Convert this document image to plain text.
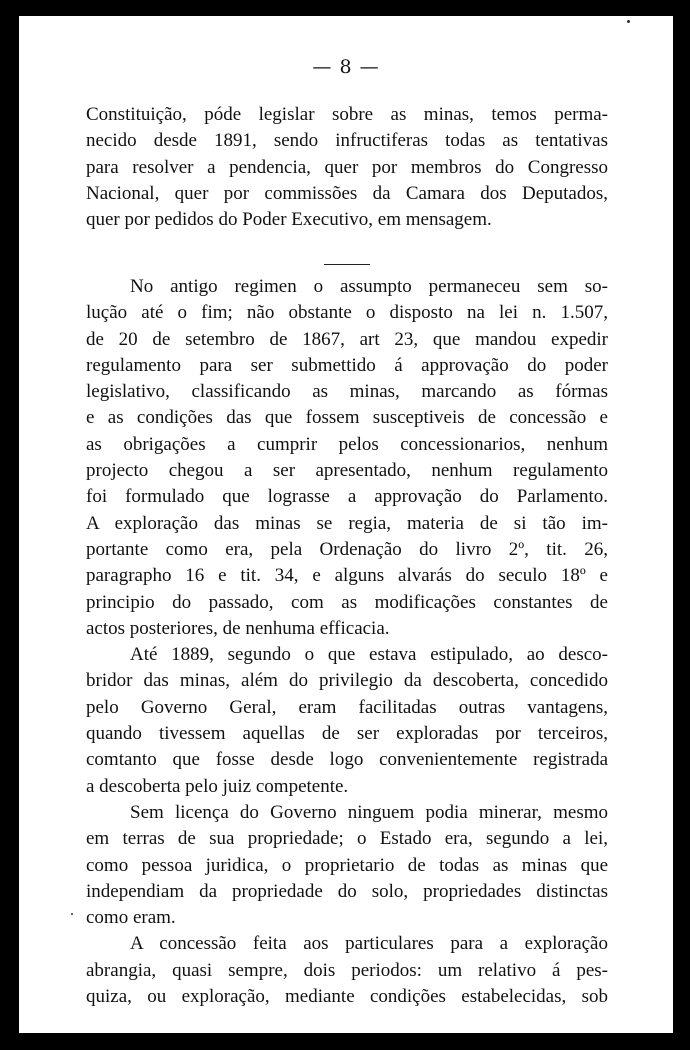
— 8 —
Constituição, póde legislar sobre as minas, temos perma-
necido desde 1891, sendo infructiferas todas as tentativas
para resolver a pendencia, quer por membros do Congresso
Nacional, quer por commissões da Camara dos Deputados,
quer por pedidos do Poder Executivo, em mensagem.
No antigo regimen o assumpto permaneceu sem so-
lução até o fim; não obstante o disposto na lei n. 1.507,
de 20 de setembro de 1867, art 23, que mandou expedir
regulamento para ser submettido á approvação do poder
legislativo, classificando as minas, marcando as fórmas
e as condições das que fossem susceptiveis de concessão e
as obrigações a cumprir pelos concessionarios, nenhum
projecto chegou a ser apresentado, nenhum regulamento
foi formulado que lograsse a approvação do Parlamento.
A exploração das minas se regia, materia de si tão im-
portante como era, pela Ordenação do livro 2º, tit. 26,
paragrapho 16 e tit. 34, e alguns alvarás do seculo 18º e
principio do passado, com as modificações constantes de
actos posteriores, de nenhuma efficacia.
Até 1889, segundo o que estava estipulado, ao desco-
bridor das minas, além do privilegio da descoberta, concedido
pelo Governo Geral, eram facilitadas outras vantagens,
quando tivessem aquellas de ser exploradas por terceiros,
comtanto que fosse desde logo convenientemente registrada
a descoberta pelo juiz competente.
Sem licença do Governo ninguem podia minerar, mesmo
em terras de sua propriedade; o Estado era, segundo a lei,
como pessoa juridica, o proprietario de todas as minas que
independiam da propriedade do solo, propriedades distinctas
como eram.
A concessão feita aos particulares para a exploração
abrangia, quasi sempre, dois periodos: um relativo á pes-
quiza, ou exploração, mediante condições estabelecidas, sob
